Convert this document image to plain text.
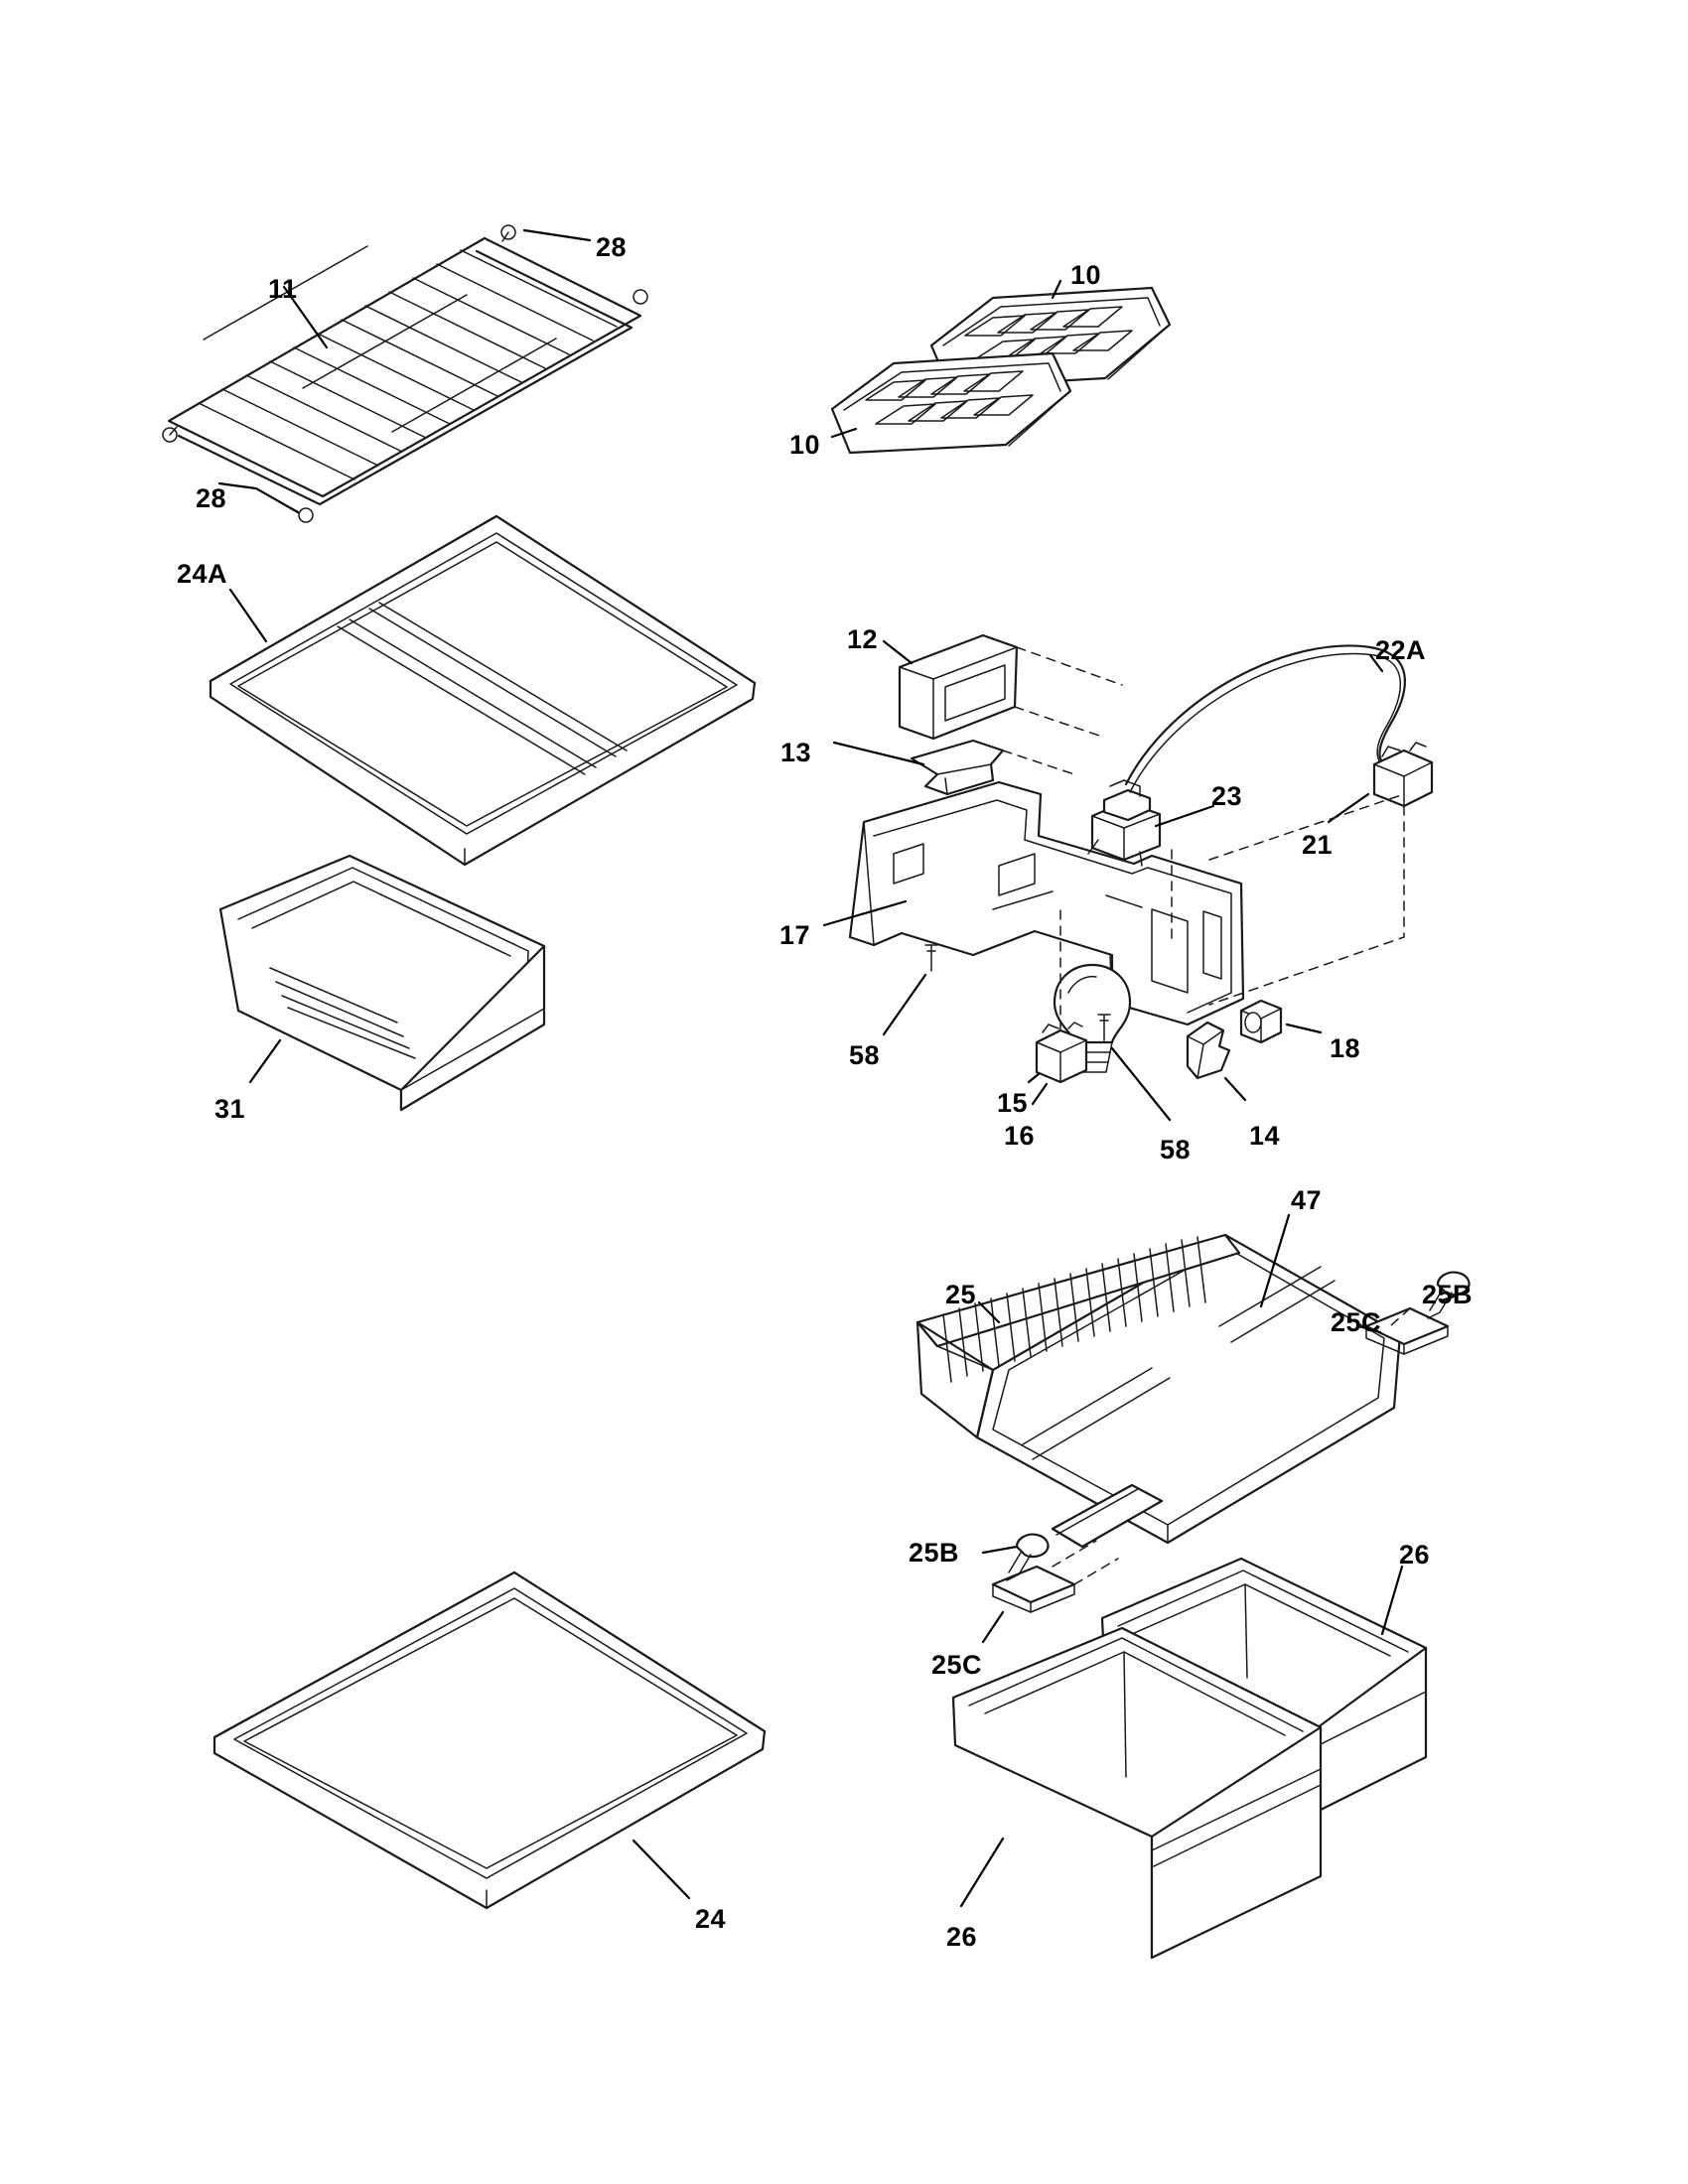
28
11	10
10
28
24A
12	22A
13
23
21
17
58	18
31	15
16	58 14
47
25B
25C
25
25B	26
25C
24
26
